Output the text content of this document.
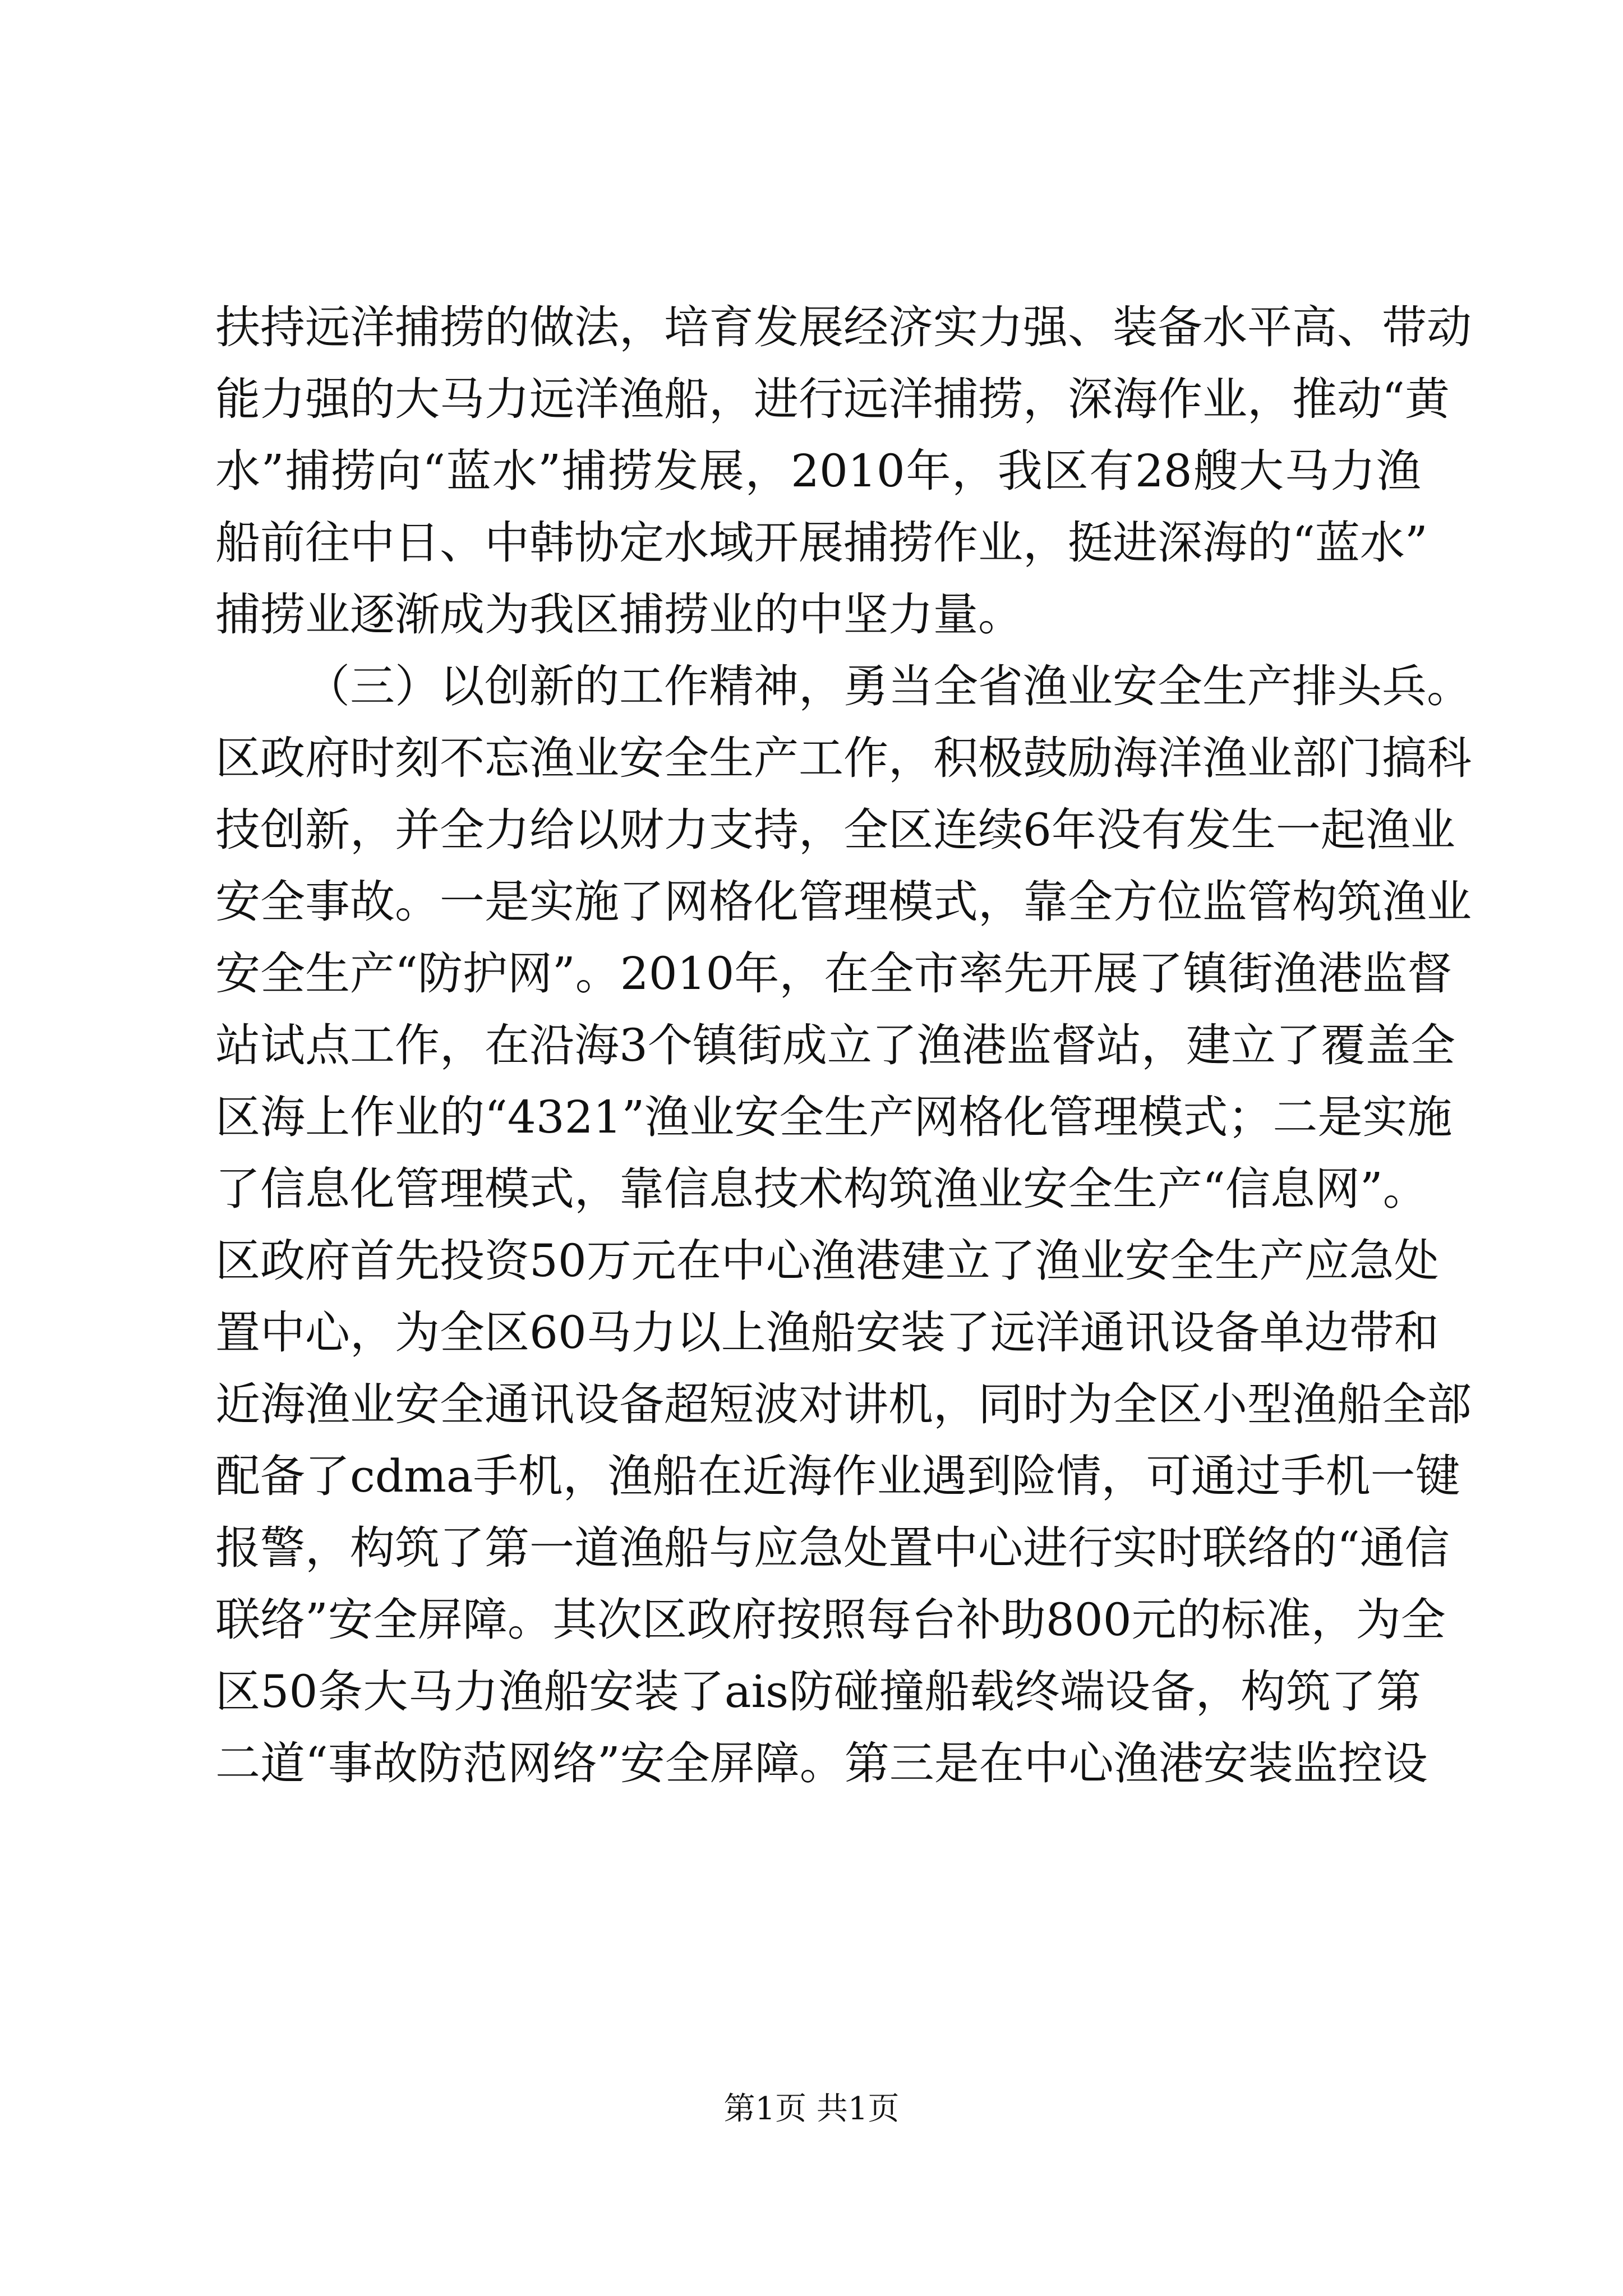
扶持远洋捕捞的做法，培育发展经济实力强、装备水平高、带动
能力强的大马力远洋渔船，进行远洋捕捞，深海作业，推动“黄
水”捕捞向“蓝水”捕捞发展，2010年，我区有28艘大马力渔
船前往中日、中韩协定水域开展捕捞作业，挺进深海的“蓝水”
捕捞业逐渐成为我区捕捞业的中坚力量。
（三）以创新的工作精神，勇当全省渔业安全生产排头兵。
区政府时刻不忘渔业安全生产工作，积极鼓励海洋渔业部门搞科
技创新，并全力给以财力支持，全区连续6年没有发生一起渔业
安全事故。一是实施了网格化管理模式，靠全方位监管构筑渔业
安全生产“防护网”。2010年，在全市率先开展了镇街渔港监督
站试点工作，在沿海3个镇街成立了渔港监督站，建立了覆盖全
区海上作业的“4321”渔业安全生产网格化管理模式；二是实施
了信息化管理模式，靠信息技术构筑渔业安全生产“信息网”。
区政府首先投资50万元在中心渔港建立了渔业安全生产应急处
置中心，为全区60马力以上渔船安装了远洋通讯设备单边带和
近海渔业安全通讯设备超短波对讲机，同时为全区小型渔船全部
配备了cdma手机，渔船在近海作业遇到险情，可通过手机一键
报警，构筑了第一道渔船与应急处置中心进行实时联络的“通信
联络”安全屏障。其次区政府按照每台补助800元的标准，为全
区50条大马力渔船安装了ais防碰撞船载终端设备，构筑了第
二道“事故防范网络”安全屏障。第三是在中心渔港安装监控设
第1页 共1页
